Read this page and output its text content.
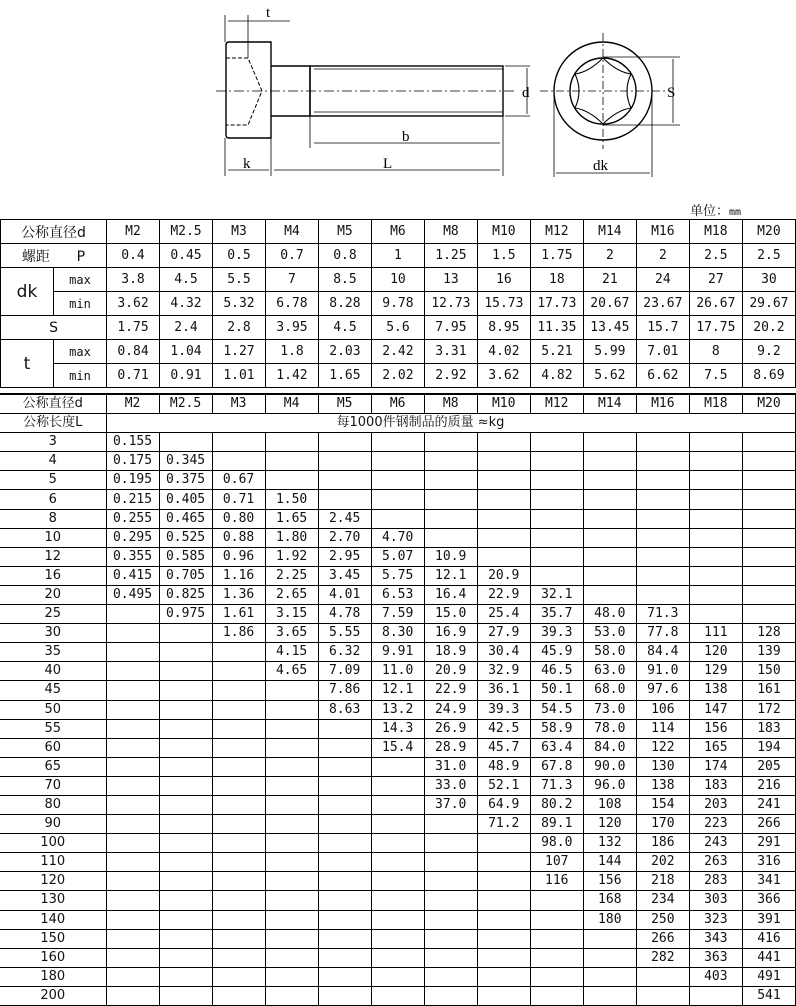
t
b
k	L
d	S
dk
单位：mm
公称直径d		M2	M2.5	M3	M4	M5	M6	M8	M10	M12	M14	M16	M18	M20
螺距 P		0.4	0.45	0.5	0.7	0.8	1	1.25	1.5	1.75	2	2	2.5	2.5
dk	max	3.8	4.5	5.5	7	8.5	10	13	16	18	21	24	27	30
	min	3.62	4.32	5.32	6.78	8.28	9.78	12.73	15.73	17.73	20.67	23.67	26.67	29.67
S		1.75	2.4	2.8	3.95	4.5	5.6	7.95	8.95	11.35	13.45	15.7	17.75	20.2
t	max	0.84	1.04	1.27	1.8	2.03	2.42	3.31	4.02	5.21	5.99	7.01	8	9.2
	min	0.71	0.91	1.01	1.42	1.65	2.02	2.92	3.62	4.82	5.62	6.62	7.5	8.69
公称直径d	M2	M2.5	M3	M4	M5	M6	M8	M10	M12	M14	M16	M18	M20
公称长度L	每1000件钢制品的质量 ≈kg												
3	0.155												
4	0.175	0.345											
5	0.195	0.375	0.67										
6	0.215	0.405	0.71	1.50									
8	0.255	0.465	0.80	1.65	2.45								
10	0.295	0.525	0.88	1.80	2.70	4.70							
12	0.355	0.585	0.96	1.92	2.95	5.07	10.9						
16	0.415	0.705	1.16	2.25	3.45	5.75	12.1	20.9					
20	0.495	0.825	1.36	2.65	4.01	6.53	16.4	22.9	32.1				
25		0.975	1.61	3.15	4.78	7.59	15.0	25.4	35.7	48.0	71.3		
30			1.86	3.65	5.55	8.30	16.9	27.9	39.3	53.0	77.8	111	128
35				4.15	6.32	9.91	18.9	30.4	45.9	58.0	84.4	120	139
40				4.65	7.09	11.0	20.9	32.9	46.5	63.0	91.0	129	150
45					7.86	12.1	22.9	36.1	50.1	68.0	97.6	138	161
50					8.63	13.2	24.9	39.3	54.5	73.0	106	147	172
55						14.3	26.9	42.5	58.9	78.0	114	156	183
60						15.4	28.9	45.7	63.4	84.0	122	165	194
65							31.0	48.9	67.8	90.0	130	174	205
70							33.0	52.1	71.3	96.0	138	183	216
80							37.0	64.9	80.2	108	154	203	241
90								71.2	89.1	120	170	223	266
100									98.0	132	186	243	291
110									107	144	202	263	316
120									116	156	218	283	341
130										168	234	303	366
140										180	250	323	391
150											266	343	416
160											282	363	441
180												403	491
200													541
